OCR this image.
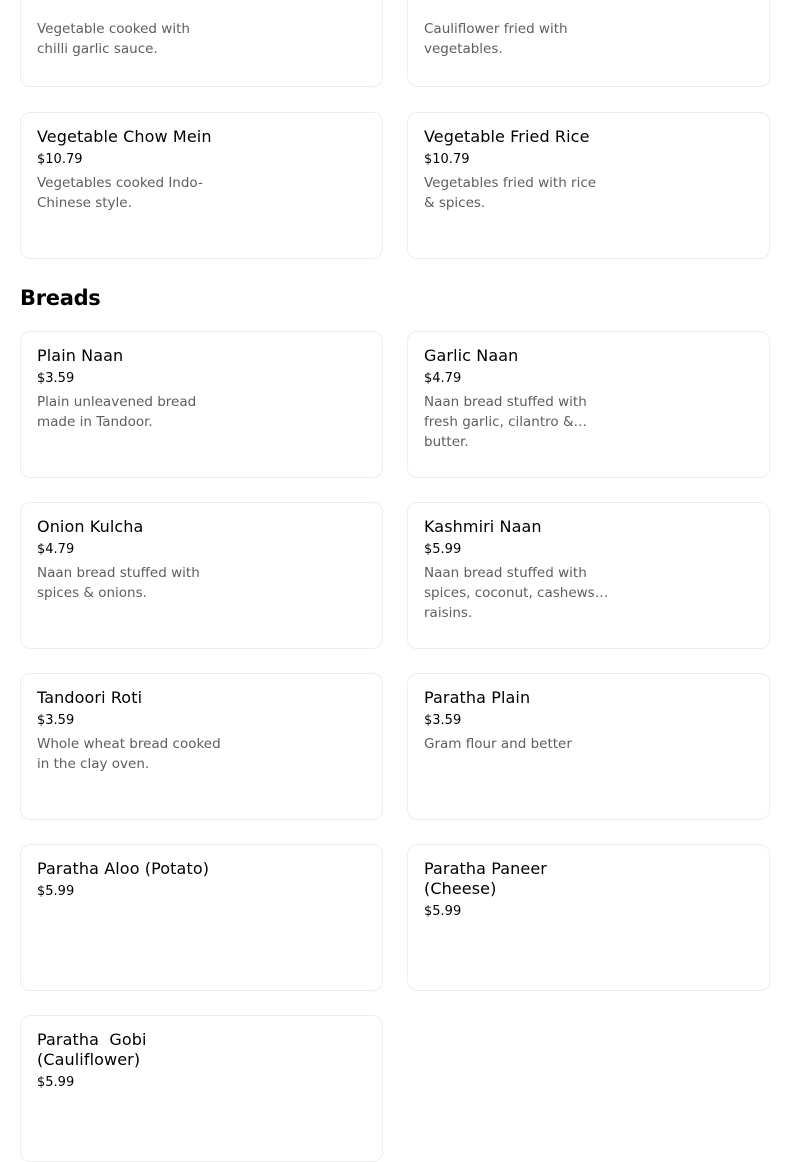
Vegetable cooked with chilli garlic sauce.
Cauliflower fried with vegetables.
Vegetable Chow Mein
$10.79
Vegetables cooked Indo-Chinese style.
Vegetable Fried Rice
$10.79
Vegetables fried with rice & spices.
Breads
Plain Naan
$3.59
Plain unleavened bread made in Tandoor.
Garlic Naan
$4.79
Naan bread stuffed with fresh garlic, cilantro & butter.
Onion Kulcha
$4.79
Naan bread stuffed with spices & onions.
Kashmiri Naan
$5.99
Naan bread stuffed with spices, coconut, cashews, raisins.
Tandoori Roti
$3.59
Whole wheat bread cooked in the clay oven.
Paratha Plain
$3.59
Gram flour and better
Paratha Aloo (Potato)
$5.99
Paratha Paneer (Cheese)
$5.99
Paratha  Gobi (Cauliflower)
$5.99
